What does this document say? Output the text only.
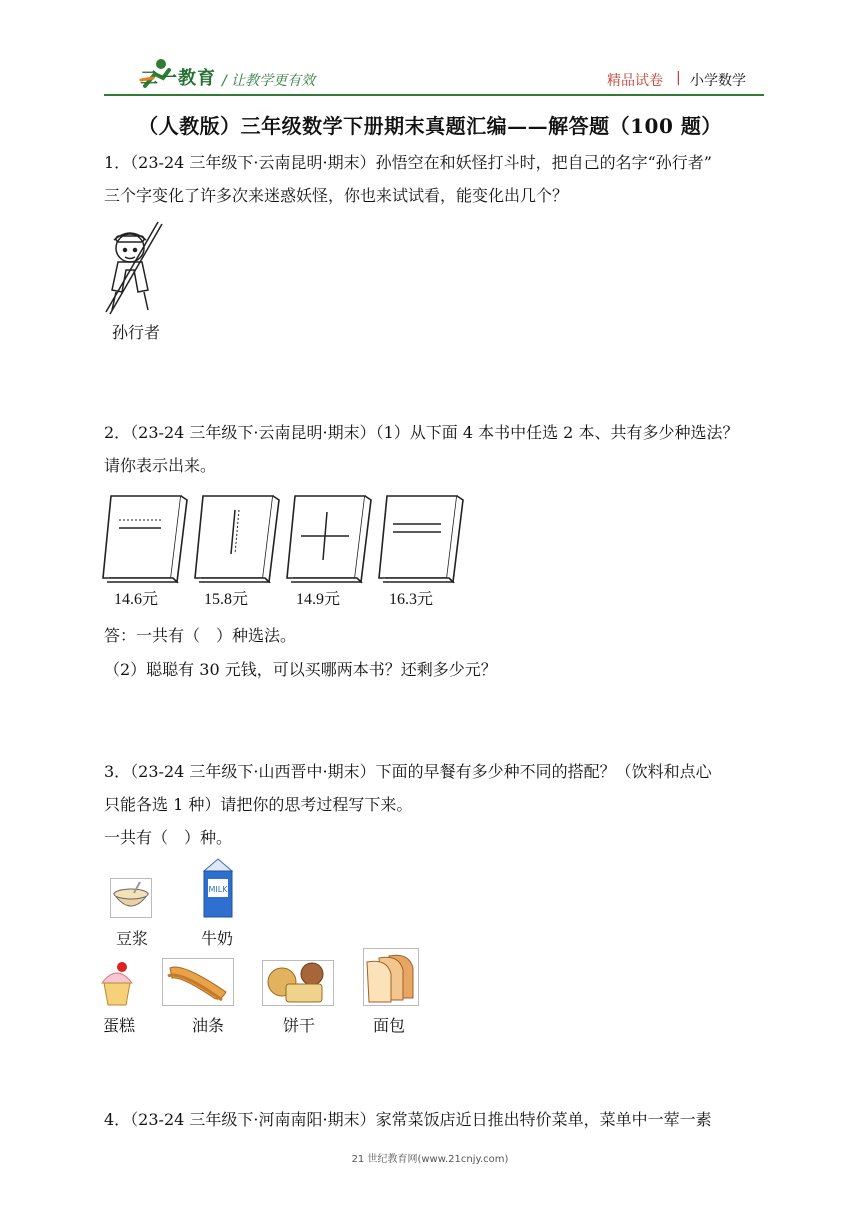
二一教育 / 让教学更有效	精品试卷 | 小学数学
（人教版）三年级数学下册期末真题汇编——解答题（100 题）
1．（23-24 三年级下·云南昆明·期末）孙悟空在和妖怪打斗时，把自己的名字“孙行者”
三个字变化了许多次来迷惑妖怪，你也来试试看，能变化出几个？
孙行者
2．（23-24 三年级下·云南昆明·期末）（1）从下面 4 本书中任选 2 本、共有多少种选法？
请你表示出来。
14.6元	15.8元	14.9元	16.3元
答：一共有（　）种选法。
（2）聪聪有 30 元钱，可以买哪两本书？还剩多少元？
3．（23-24 三年级下·山西晋中·期末）下面的早餐有多少种不同的搭配？（饮料和点心
只能各选 1 种）请把你的思考过程写下来。
一共有（　）种。
MILK
豆浆	牛奶
蛋糕	油条	饼干	面包
4．（23-24 三年级下·河南南阳·期末）家常菜饭店近日推出特价菜单，菜单中一荤一素
21 世纪教育网(www.21cnjy.com)
